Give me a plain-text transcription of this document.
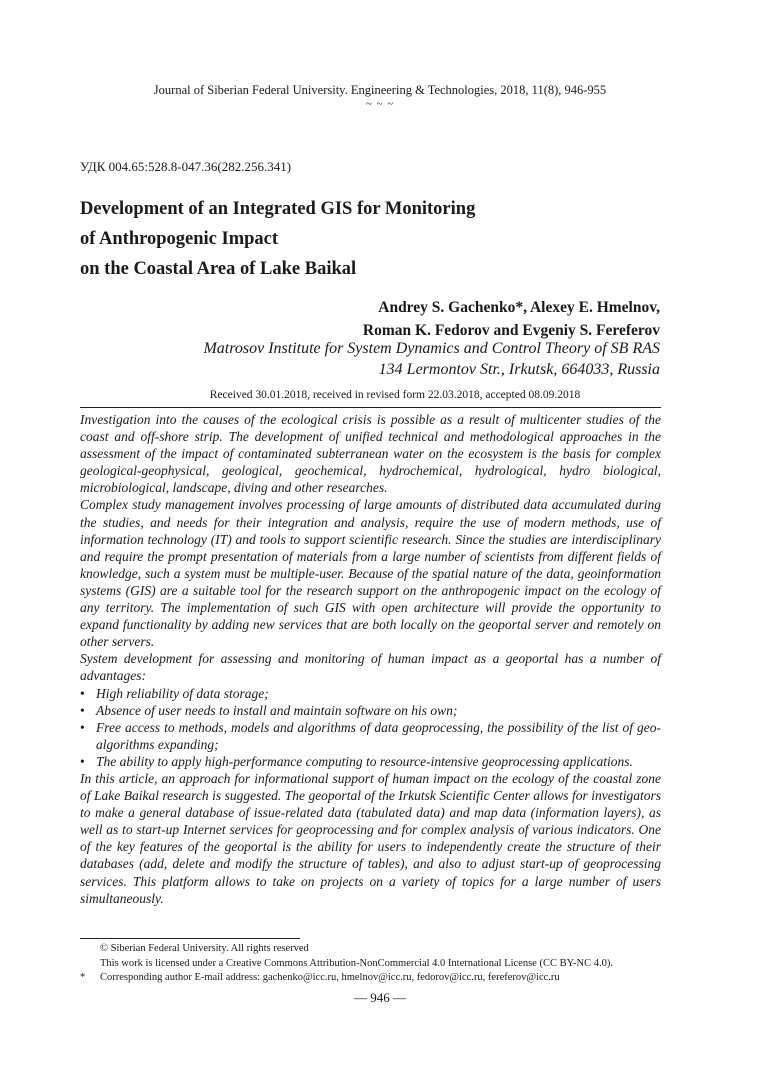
Journal of Siberian Federal University. Engineering & Technologies, 2018, 11(8), 946-955
~ ~ ~
УДК 004.65:528.8-047.36(282.256.341)
Development of an Integrated GIS for Monitoring
of Anthropogenic Impact
on the Coastal Area of Lake Baikal
Andrey S. Gachenko*, Alexey E. Hmelnov,
Roman K. Fedorov and Evgeniy S. Fereferov
Matrosov Institute for System Dynamics and Control Theory of SB RAS
134 Lermontov Str., Irkutsk, 664033, Russia
Received 30.01.2018, received in revised form 22.03.2018, accepted 08.09.2018

Investigation into the causes of the ecological crisis is possible as a result of multicenter studies of the coast and off-shore strip. The development of unified technical and methodological approaches in the assessment of the impact of contaminated subterranean water on the ecosystem is the basis for complex geological-geophysical, geological, geochemical, hydrochemical, hydrological, hydro biological, microbiological, landscape, diving and other researches.

Complex study management involves processing of large amounts of distributed data accumulated during the studies, and needs for their integration and analysis, require the use of modern methods, use of information technology (IT) and tools to support scientific research. Since the studies are interdisciplinary and require the prompt presentation of materials from a large number of scientists from different fields of knowledge, such a system must be multiple-user. Because of the spatial nature of the data, geoinformation systems (GIS) are a suitable tool for the research support on the anthropogenic impact on the ecology of any territory. The implementation of such GIS with open architecture will provide the opportunity to expand functionality by adding new services that are both locally on the geoportal server and remotely on other servers.

System development for assessing and monitoring of human impact as a geoportal has a number of advantages:

• High reliability of data storage;
• Absence of user needs to install and maintain software on his own;
• Free access to methods, models and algorithms of data geoprocessing, the possibility of the list of geo-algorithms expanding;
• The ability to apply high-performance computing to resource-intensive geoprocessing applications.

In this article, an approach for informational support of human impact on the ecology of the coastal zone of Lake Baikal research is suggested. The geoportal of the Irkutsk Scientific Center allows for investigators to make a general database of issue-related data (tabulated data) and map data (information layers), as well as to start-up Internet services for geoprocessing and for complex analysis of various indicators. One of the key features of the geoportal is the ability for users to independently create the structure of their databases (add, delete and modify the structure of tables), and also to adjust start-up of geoprocessing services. This platform allows to take on projects on a variety of topics for a large number of users simultaneously.

© Siberian Federal University. All rights reserved
This work is licensed under a Creative Commons Attribution-NonCommercial 4.0 International License (CC BY-NC 4.0).
* Corresponding author E-mail address: gachenko@icc.ru, hmelnov@icc.ru, fedorov@icc.ru, fereferov@icc.ru
— 946 —
